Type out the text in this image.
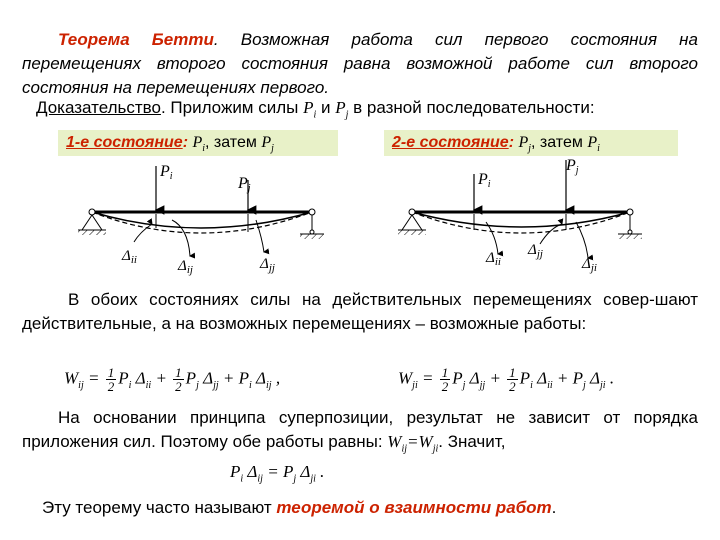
Теорема Бетти. Возможная работа сил первого состояния на перемещениях второго состояния равна возможной работе сил второго состояния на перемещениях первого.
Доказательство. Приложим силы $P_i$ и $P_j$ в разной последовательности:
1-е состояние: $P_i$, затем $P_j$	2-е состояние: $P_j$, затем $P_i$
Pi	Pj
$\Delta_{ii}$	$\Delta_{ij}$	$\Delta_{jj}$
Pi
Pj
$\Delta_{ii}$
$\Delta_{jj}$
$\Delta_{ji}$
В обоих состояниях силы на действительных перемещениях совер-шают действительные, а на возможных перемещениях – возможные работы:
$W_{ij} = \frac{1}{2} P_i$ $\Delta_{ii} + \frac{1}{2} P_j$ $\Delta_{jj} + P_i$ $\Delta_{ij}$ ,	$W_{ji} = \frac{1}{2} P_j$ $\Delta_{jj} + \frac{1}{2} P_i$ $\Delta_{ii} + P_j$ $\Delta_{ji}$ .
На основании принципа суперпозиции, результат не зависит от порядка приложения сил. Поэтому обе работы равны: $W_{ij}=W_{ji}$. Значит,
$P_i$ $\Delta_{ij} = P_j$ $\Delta_{ji}$ .
Эту теорему часто называют теоремой о взаимности работ.
